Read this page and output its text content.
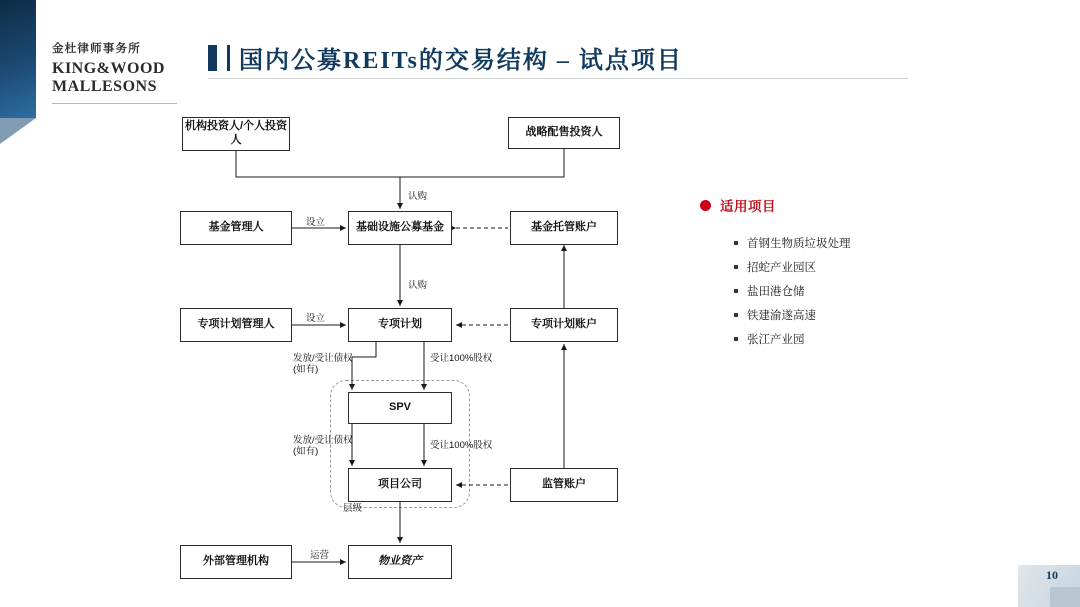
金杜律师事务所
KING&WOOD
MALLESONS
国内公募REITs的交易结构 – 试点项目
机构投资人/个人投资人
战略配售投资人
基金管理人	基础设施公募基金	基金托管账户
专项计划管理人	专项计划	专项计划账户
SPV
项目公司	监管账户
外部管理机构	物业资产
认购
设立
认购
设立
发放/受让债权
(如有)
受让100%股权
发放/受让债权
(如有)
受让100%股权
层级
运营
适用项目
首钢生物质垃圾处理
招蛇产业园区
盐田港仓储
铁建渝遂高速
张江产业园
10
